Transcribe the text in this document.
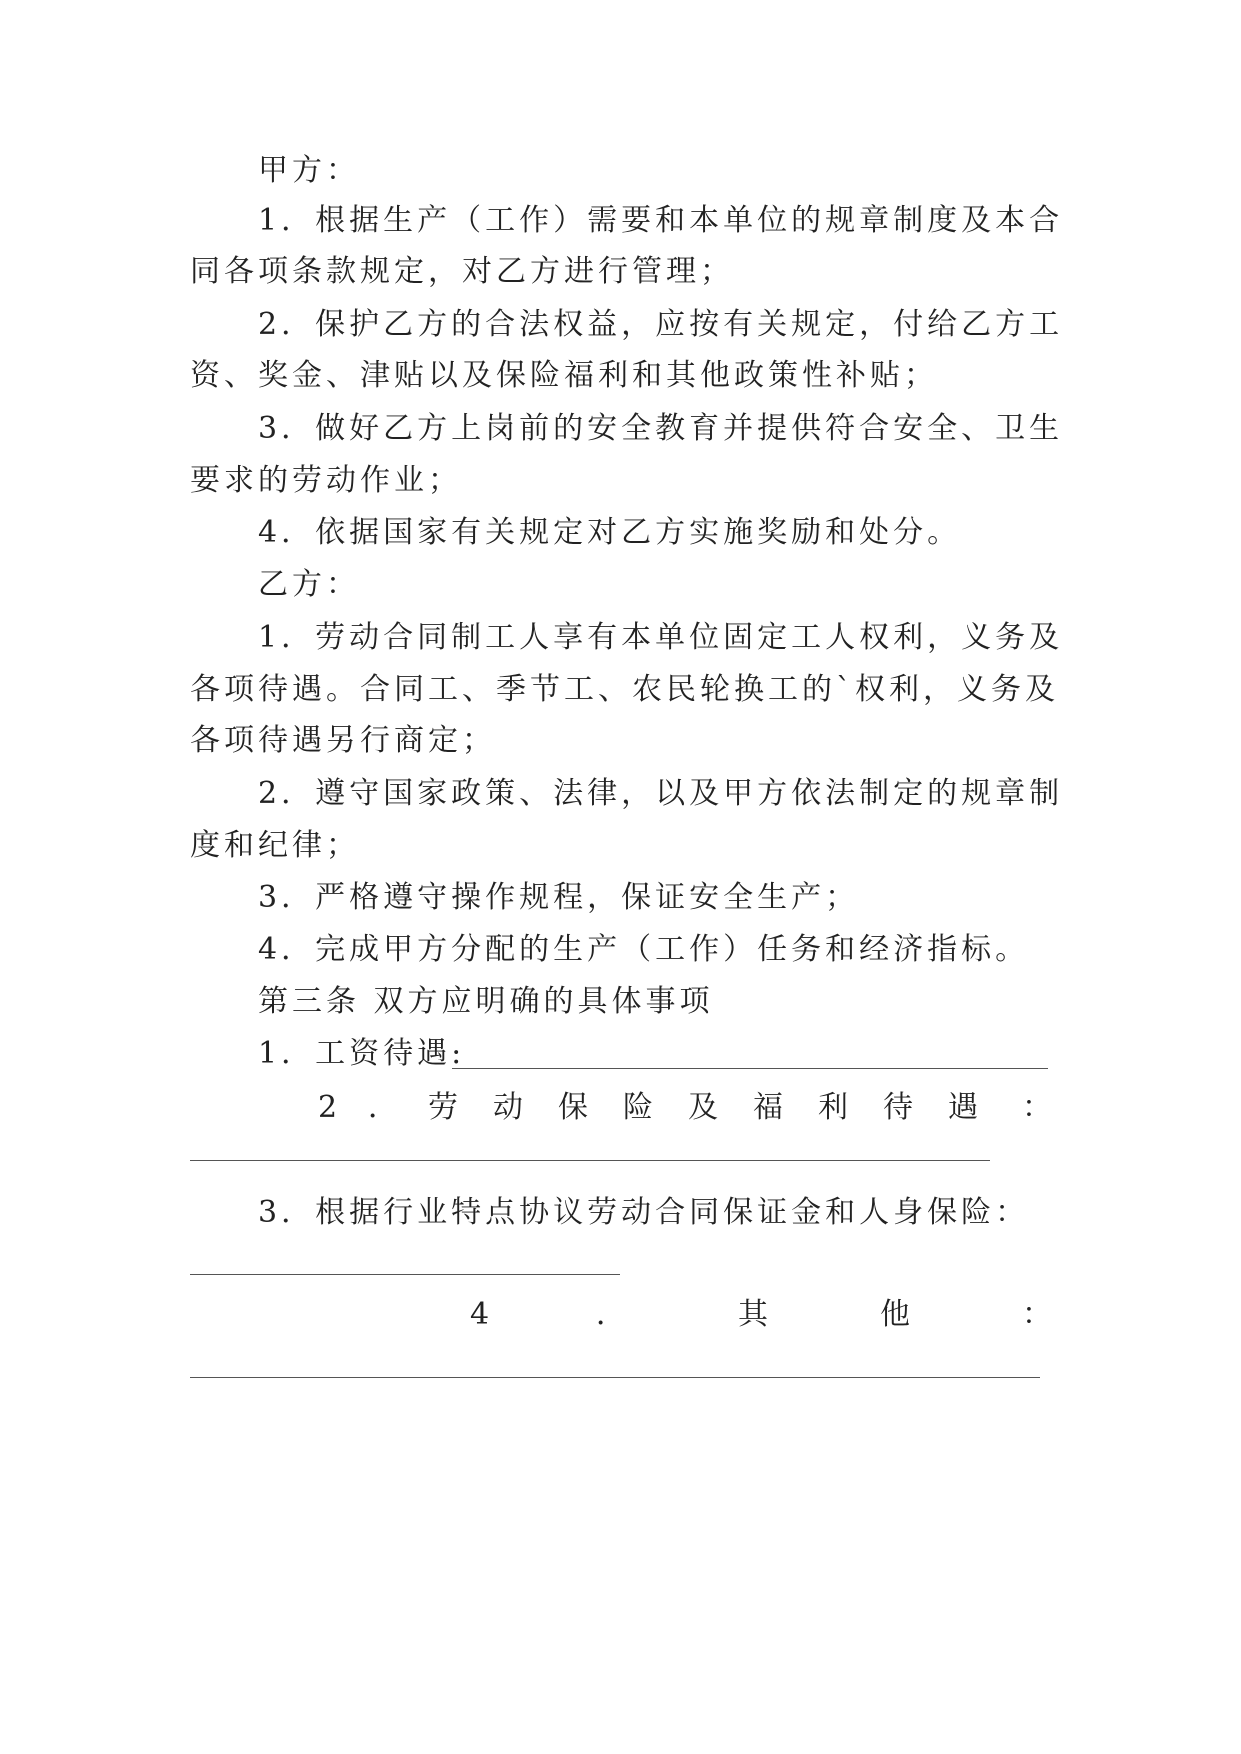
甲方：
1．根据生产（工作）需要和本单位的规章制度及本合
同各项条款规定，对乙方进行管理；
2．保护乙方的合法权益，应按有关规定，付给乙方工
资、奖金、津贴以及保险福利和其他政策性补贴；
3．做好乙方上岗前的安全教育并提供符合安全、卫生
要求的劳动作业；
4．依据国家有关规定对乙方实施奖励和处分。
乙方：
1．劳动合同制工人享有本单位固定工人权利，义务及
各项待遇。合同工、季节工、农民轮换工的`权利，义务及
各项待遇另行商定；
2．遵守国家政策、法律，以及甲方依法制定的规章制
度和纪律；
3．严格遵守操作规程，保证安全生产；
4．完成甲方分配的生产（工作）任务和经济指标。
第三条 双方应明确的具体事项
1．工资待遇:
2 ． 劳 动 保 险 及 福 利 待 遇 ：
3．根据行业特点协议劳动合同保证金和人身保险：
4	．	其	他	：
